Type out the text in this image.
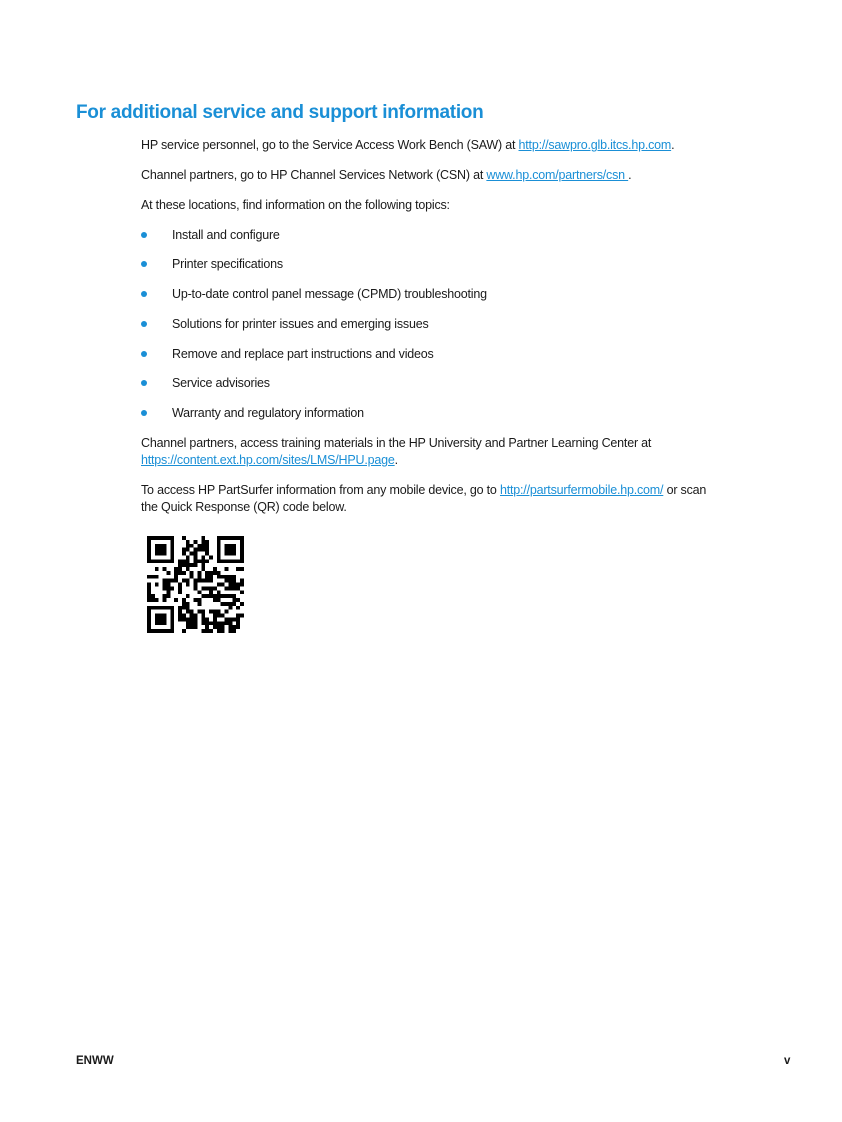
For additional service and support information

HP service personnel, go to the Service Access Work Bench (SAW) at http://sawpro.glb.itcs.hp.com.

Channel partners, go to HP Channel Services Network (CSN) at www.hp.com/partners/csn .

At these locations, find information on the following topics:

Install and configure
Printer specifications
Up-to-date control panel message (CPMD) troubleshooting
Solutions for printer issues and emerging issues
Remove and replace part instructions and videos
Service advisories
Warranty and regulatory information

Channel partners, access training materials in the HP University and Partner Learning Center at
https://content.ext.hp.com/sites/LMS/HPU.page.

To access HP PartSurfer information from any mobile device, go to http://partsurfermobile.hp.com/ or scan
the Quick Response (QR) code below.

ENWW	v
